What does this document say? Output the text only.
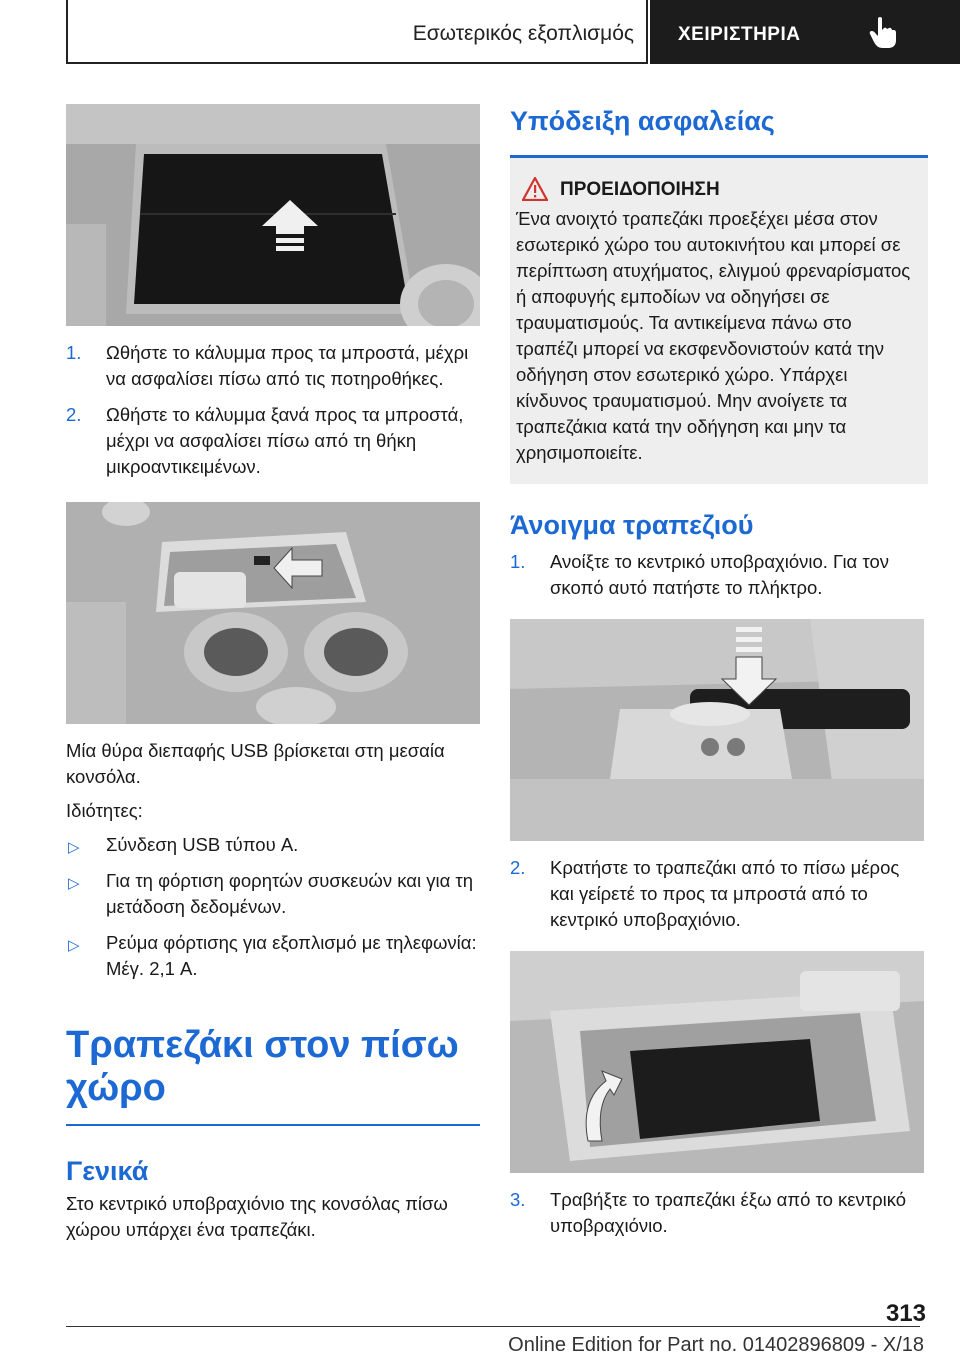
Εσωτερικός εξοπλισμός ΧΕΙΡΙΣΤΗΡΙΑ
1. Ωθήστε το κάλυμμα προς τα μπροστά, μέχρι να ασφαλίσει πίσω από τις ποτηροθήκες.
2. Ωθήστε το κάλυμμα ξανά προς τα μπροστά, μέχρι να ασφαλίσει πίσω από τη θήκη μικροαντικειμένων.
Μία θύρα διεπαφής USB βρίσκεται στη μεσαία κονσόλα.
Ιδιότητες:
▷ Σύνδεση USB τύπου A.
▷ Για τη φόρτιση φορητών συσκευών και για τη μετάδοση δεδομένων.
▷ Ρεύμα φόρτισης για εξοπλισμό με τηλεφωνία: Μέγ. 2,1 A.
Τραπεζάκι στον πίσω χώρο
Γενικά
Στο κεντρικό υποβραχιόνιο της κονσόλας πίσω χώρου υπάρχει ένα τραπεζάκι.
Υπόδειξη ασφαλείας
ΠΡΟΕΙΔΟΠΟΙΗΣΗ
Ένα ανοιχτό τραπεζάκι προεξέχει μέσα στον εσωτερικό χώρο του αυτοκινήτου και μπορεί σε περίπτωση ατυχήματος, ελιγμού φρεναρίσματος ή αποφυγής εμποδίων να οδηγήσει σε τραυματισμούς. Τα αντικείμενα πάνω στο τραπέζι μπορεί να εκσφενδονιστούν κατά την οδήγηση στον εσωτερικό χώρο. Υπάρχει κίνδυνος τραυματισμού. Μην ανοίγετε τα τραπεζάκια κατά την οδήγηση και μην τα χρησιμοποιείτε.
Άνοιγμα τραπεζιού
1. Ανοίξτε το κεντρικό υποβραχιόνιο. Για τον σκοπό αυτό πατήστε το πλήκτρο.
2. Κρατήστε το τραπεζάκι από το πίσω μέρος και γείρετέ το προς τα μπροστά από το κεντρικό υποβραχιόνιο.
3. Τραβήξτε το τραπεζάκι έξω από το κεντρικό υποβραχιόνιο.
313
Online Edition for Part no. 01402896809 - X/18
